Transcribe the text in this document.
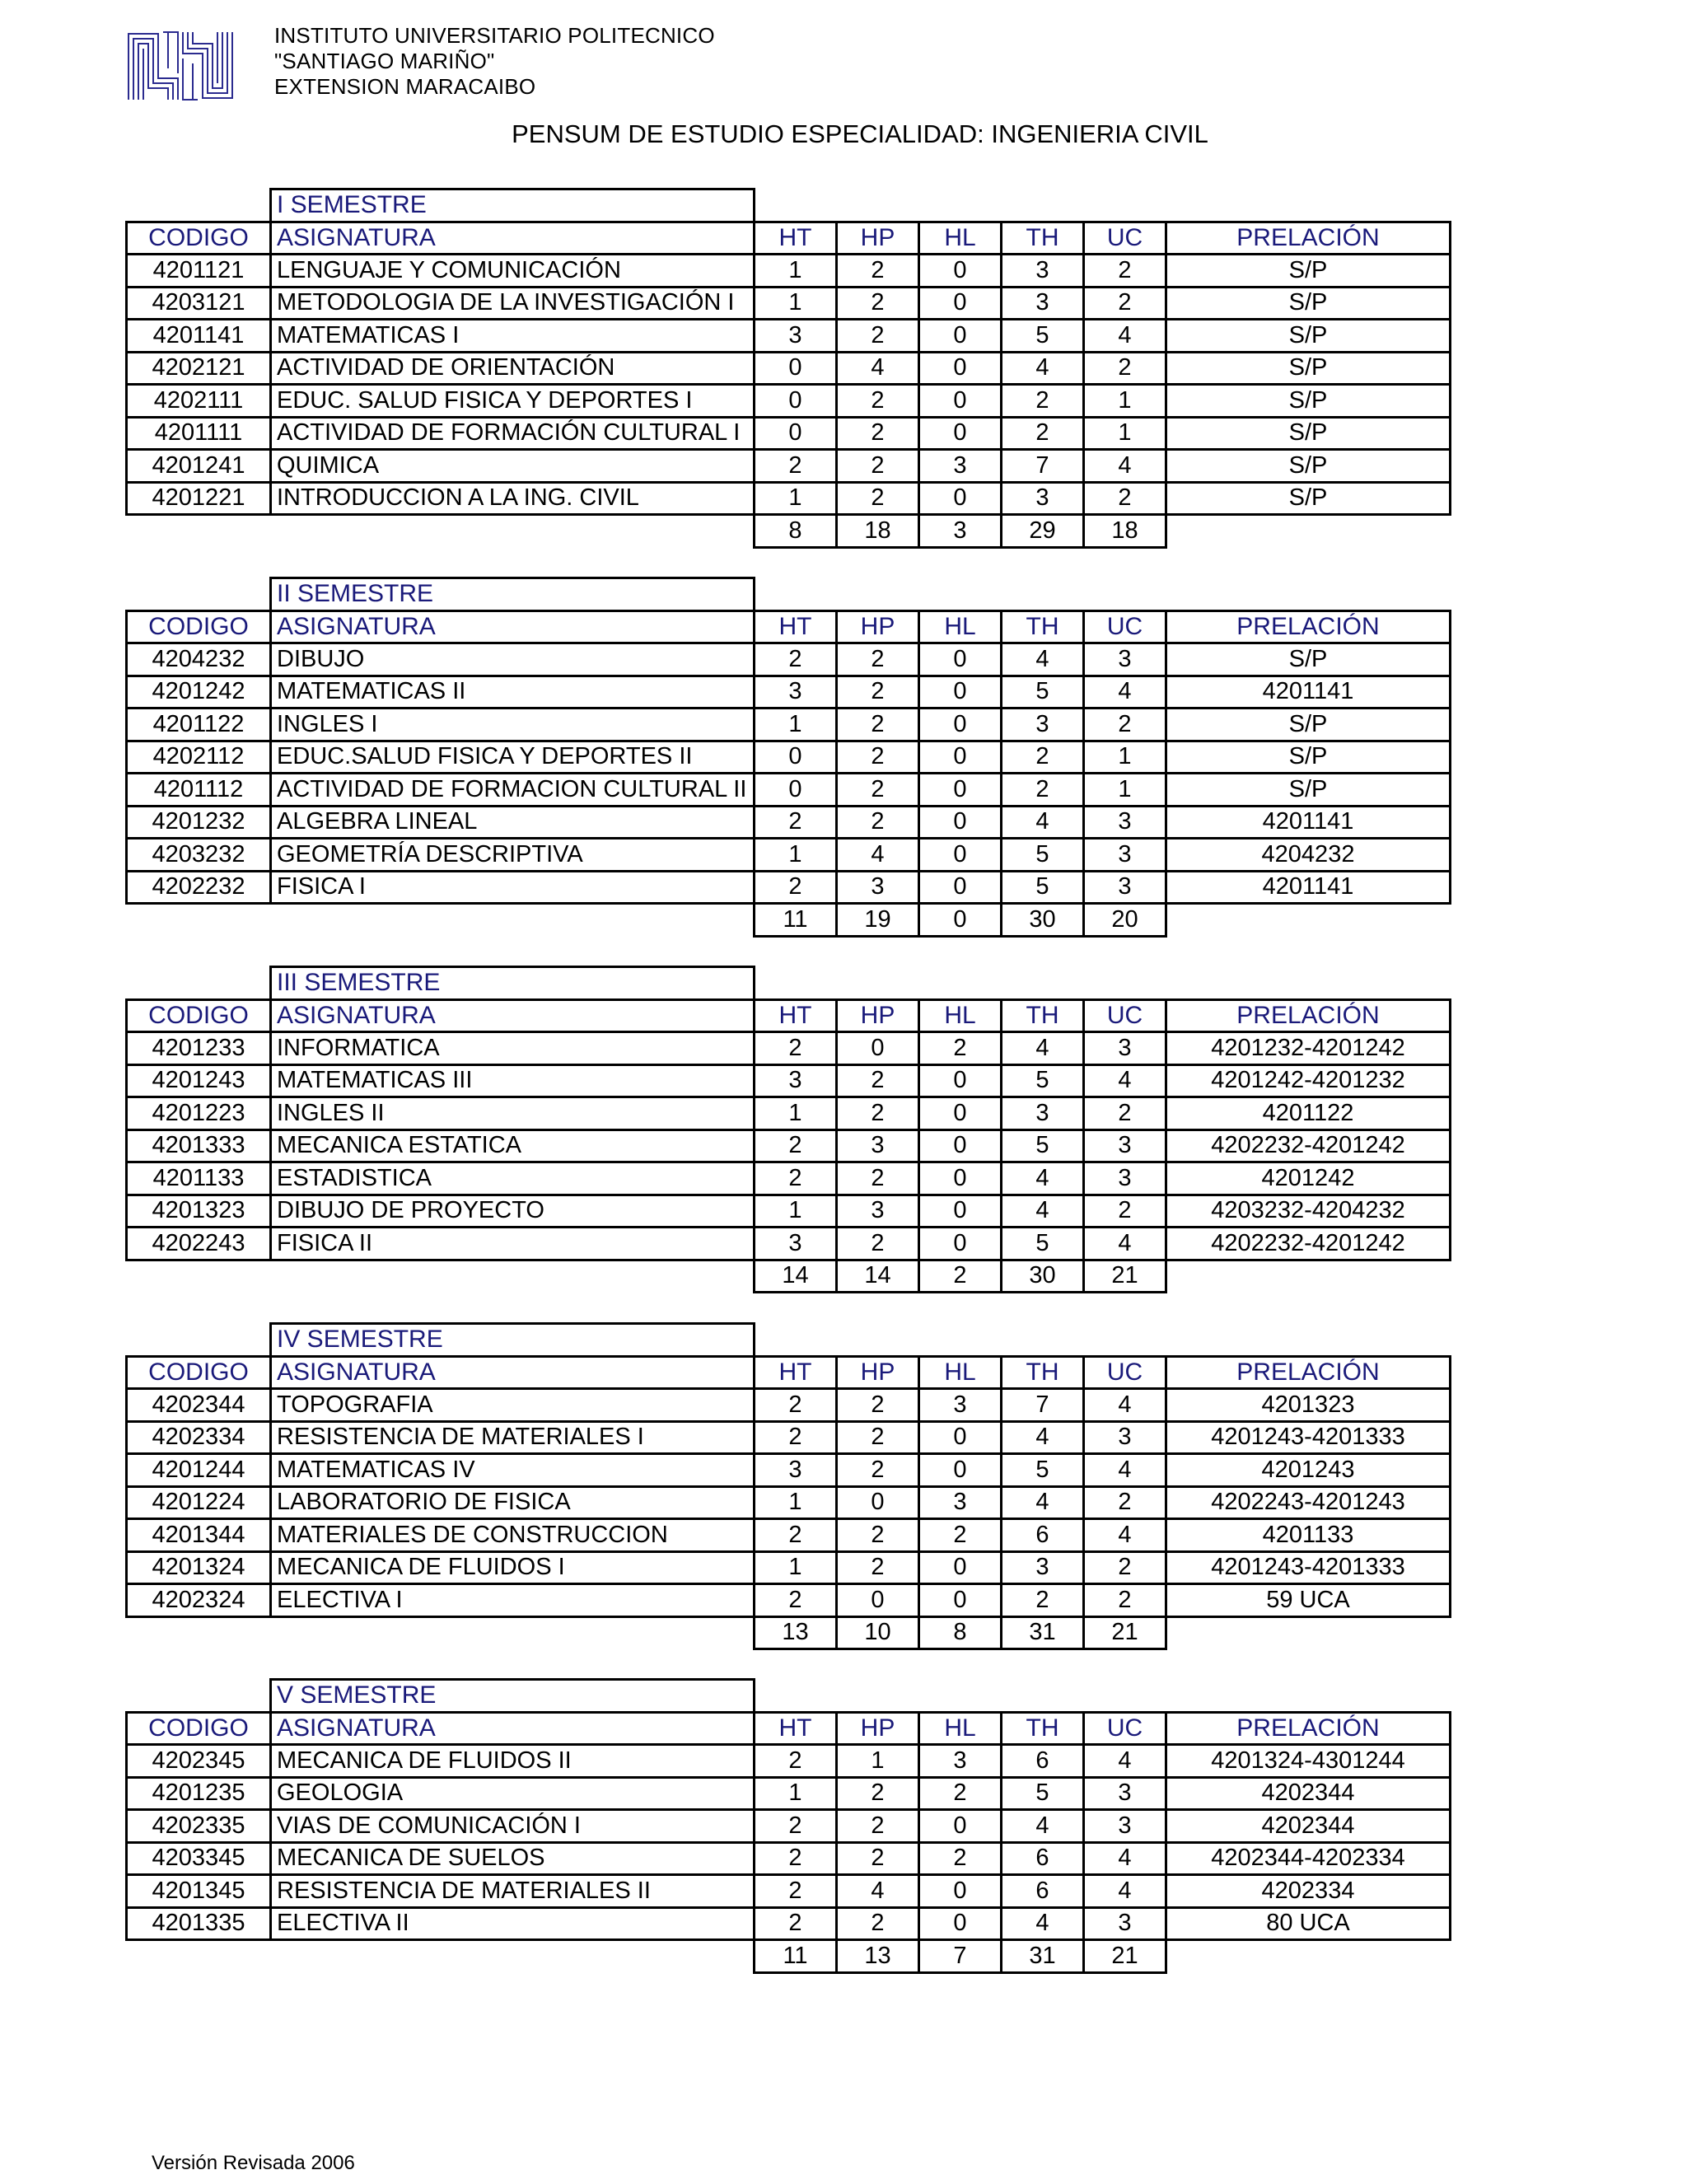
INSTITUTO UNIVERSITARIO POLITECNICO
"SANTIAGO MARIÑO"
EXTENSION MARACAIBO
PENSUM DE ESTUDIO ESPECIALIDAD: INGENIERIA CIVIL
	I SEMESTRE						
CODIGO	ASIGNATURA	HT	HP	HL	TH	UC	PRELACIÓN
4201121	LENGUAJE Y COMUNICACIÓN	1	2	0	3	2	S/P
4203121	METODOLOGIA DE LA INVESTIGACIÓN I	1	2	0	3	2	S/P
4201141	MATEMATICAS I	3	2	0	5	4	S/P
4202121	ACTIVIDAD DE ORIENTACIÓN	0	4	0	4	2	S/P
4202111	EDUC. SALUD FISICA Y DEPORTES I	0	2	0	2	1	S/P
4201111	ACTIVIDAD DE FORMACIÓN CULTURAL I	0	2	0	2	1	S/P
4201241	QUIMICA	2	2	3	7	4	S/P
4201221	INTRODUCCION A LA ING. CIVIL	1	2	0	3	2	S/P
		8	18	3	29	18	
	II SEMESTRE						
CODIGO	ASIGNATURA	HT	HP	HL	TH	UC	PRELACIÓN
4204232	DIBUJO	2	2	0	4	3	S/P
4201242	MATEMATICAS II	3	2	0	5	4	4201141
4201122	INGLES I	1	2	0	3	2	S/P
4202112	EDUC.SALUD FISICA Y DEPORTES II	0	2	0	2	1	S/P
4201112	ACTIVIDAD DE FORMACION CULTURAL II	0	2	0	2	1	S/P
4201232	ALGEBRA LINEAL	2	2	0	4	3	4201141
4203232	GEOMETRÍA DESCRIPTIVA	1	4	0	5	3	4204232
4202232	FISICA I	2	3	0	5	3	4201141
		11	19	0	30	20	
	III SEMESTRE						
CODIGO	ASIGNATURA	HT	HP	HL	TH	UC	PRELACIÓN
4201233	INFORMATICA	2	0	2	4	3	4201232-4201242
4201243	MATEMATICAS III	3	2	0	5	4	4201242-4201232
4201223	INGLES II	1	2	0	3	2	4201122
4201333	MECANICA ESTATICA	2	3	0	5	3	4202232-4201242
4201133	ESTADISTICA	2	2	0	4	3	4201242
4201323	DIBUJO DE PROYECTO	1	3	0	4	2	4203232-4204232
4202243	FISICA II	3	2	0	5	4	4202232-4201242
		14	14	2	30	21	
	IV SEMESTRE						
CODIGO	ASIGNATURA	HT	HP	HL	TH	UC	PRELACIÓN
4202344	TOPOGRAFIA	2	2	3	7	4	4201323
4202334	RESISTENCIA DE MATERIALES I	2	2	0	4	3	4201243-4201333
4201244	MATEMATICAS IV	3	2	0	5	4	4201243
4201224	LABORATORIO DE FISICA	1	0	3	4	2	4202243-4201243
4201344	MATERIALES DE CONSTRUCCION	2	2	2	6	4	4201133
4201324	MECANICA DE FLUIDOS I	1	2	0	3	2	4201243-4201333
4202324	ELECTIVA I	2	0	0	2	2	59 UCA
		13	10	8	31	21	
	V SEMESTRE						
CODIGO	ASIGNATURA	HT	HP	HL	TH	UC	PRELACIÓN
4202345	MECANICA DE FLUIDOS II	2	1	3	6	4	4201324-4301244
4201235	GEOLOGIA	1	2	2	5	3	4202344
4202335	VIAS DE COMUNICACIÓN I	2	2	0	4	3	4202344
4203345	MECANICA DE SUELOS	2	2	2	6	4	4202344-4202334
4201345	RESISTENCIA DE MATERIALES II	2	4	0	6	4	4202334
4201335	ELECTIVA II	2	2	0	4	3	80 UCA
		11	13	7	31	21	
Versión Revisada 2006
